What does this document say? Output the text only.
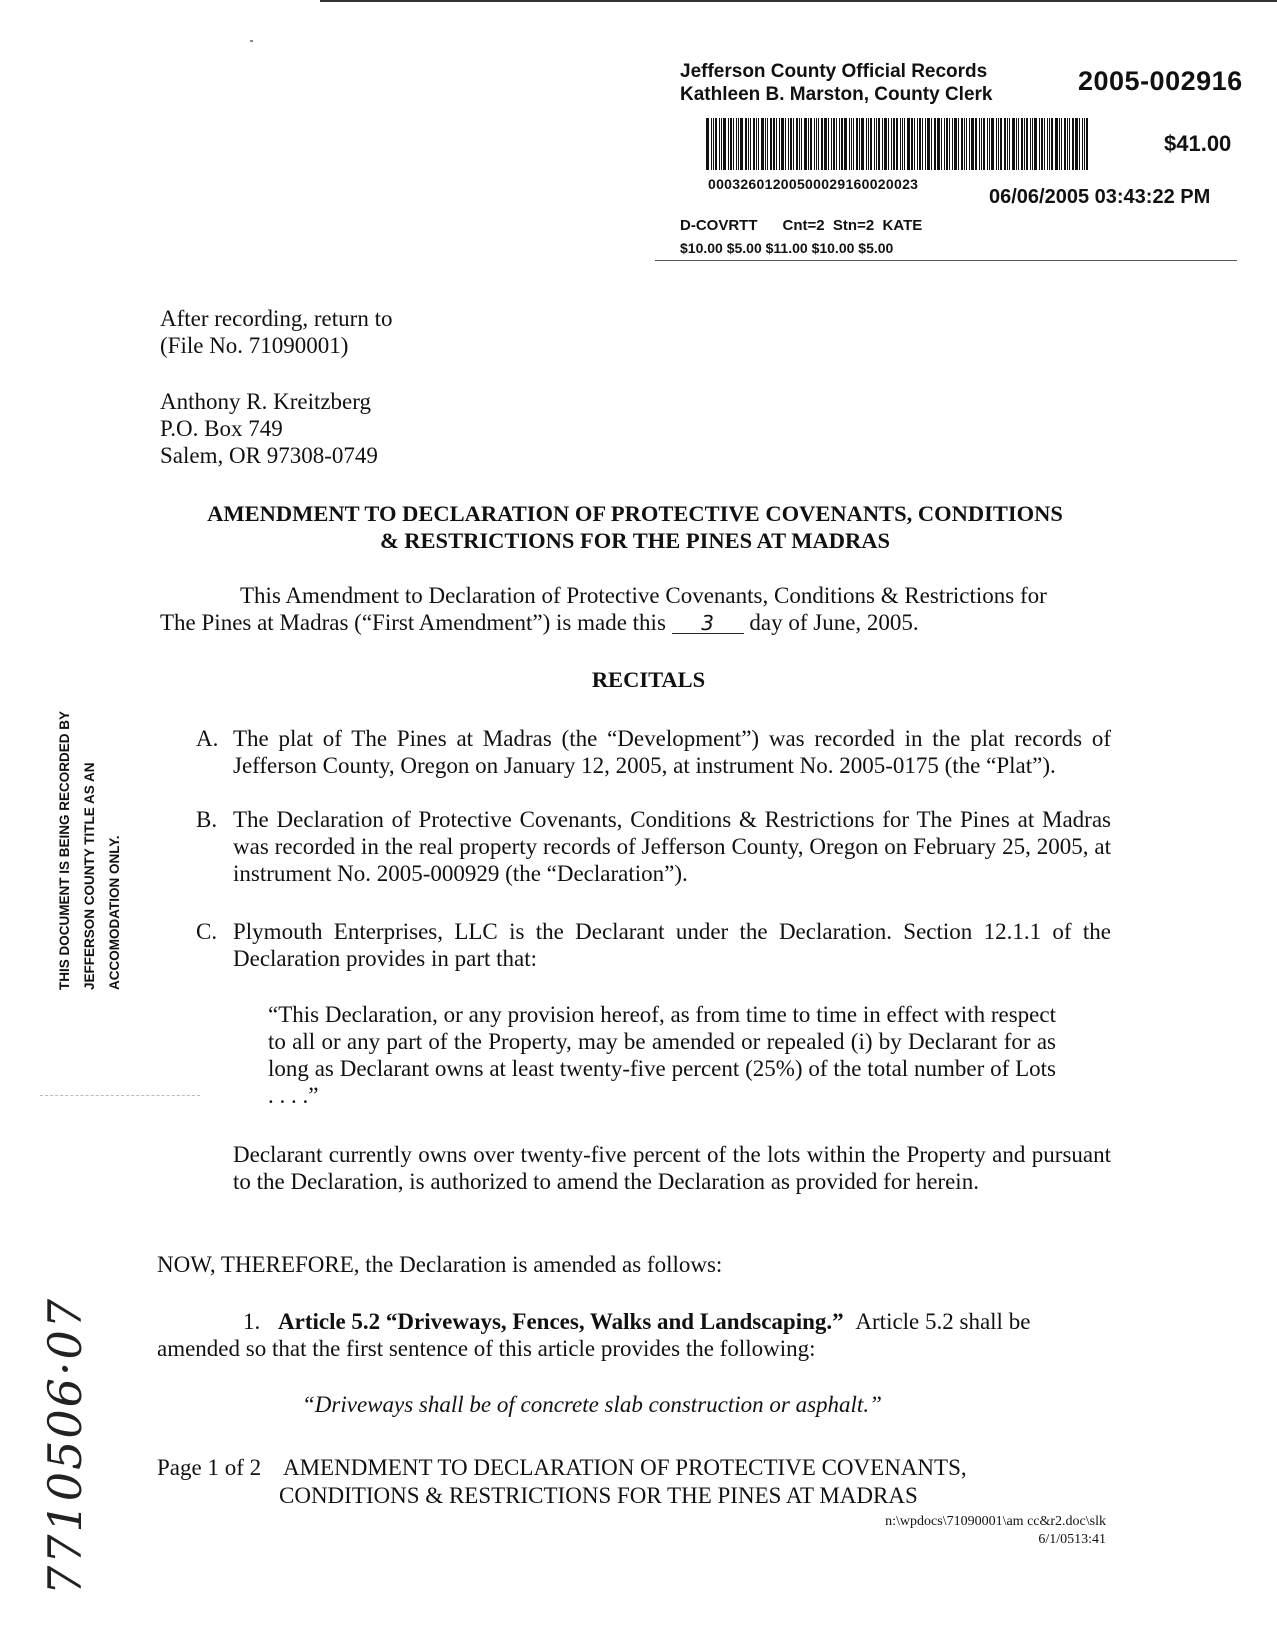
Jefferson County Official Records
Kathleen B. Marston, County Clerk	2005-002916
$41.00
00032601200500029160020023
06/06/2005 03:43:22 PM
D-COVRTT      Cnt=2  Stn=2  KATE
$10.00 $5.00 $11.00 $10.00 $5.00
After recording, return to
(File No. 71090001)
Anthony R. Kreitzberg
P.O. Box 749
Salem, OR 97308-0749
AMENDMENT TO DECLARATION OF PROTECTIVE COVENANTS, CONDITIONS
& RESTRICTIONS FOR THE PINES AT MADRAS
This Amendment to Declaration of Protective Covenants, Conditions & Restrictions for
The Pines at Madras (“First Amendment”) is made this 3 day of June, 2005.
RECITALS
A. The plat of The Pines at Madras (the “Development”) was recorded in the plat records of Jefferson County, Oregon on January 12, 2005, at instrument No. 2005-0175 (the “Plat”).
B. The Declaration of Protective Covenants, Conditions & Restrictions for The Pines at Madras was recorded in the real property records of Jefferson County, Oregon on February 25, 2005, at instrument No. 2005-000929 (the “Declaration”).
C. Plymouth Enterprises, LLC is the Declarant under the Declaration. Section 12.1.1 of the Declaration provides in part that:
“This Declaration, or any provision hereof, as from time to time in effect with respect to all or any part of the Property, may be amended or repealed (i) by Declarant for as long as Declarant owns at least twenty-five percent (25%) of the total number of Lots . . . .”
Declarant currently owns over twenty-five percent of the lots within the Property and pursuant to the Declaration, is authorized to amend the Declaration as provided for herein.
NOW, THEREFORE, the Declaration is amended as follows:
1. Article 5.2 “Driveways, Fences, Walks and Landscaping.” Article 5.2 shall be
amended so that the first sentence of this article provides the following:
“Driveways shall be of concrete slab construction or asphalt.”
Page 1 of 2 AMENDMENT TO DECLARATION OF PROTECTIVE COVENANTS,
CONDITIONS & RESTRICTIONS FOR THE PINES AT MADRAS
n:\wpdocs\71090001\am cc&r2.doc\slk
6/1/0513:41
THIS DOCUMENT IS BEING RECORDED BY JEFFERSON COUNTY TITLE AS AN ACCOMODATION ONLY.
7710506·07
